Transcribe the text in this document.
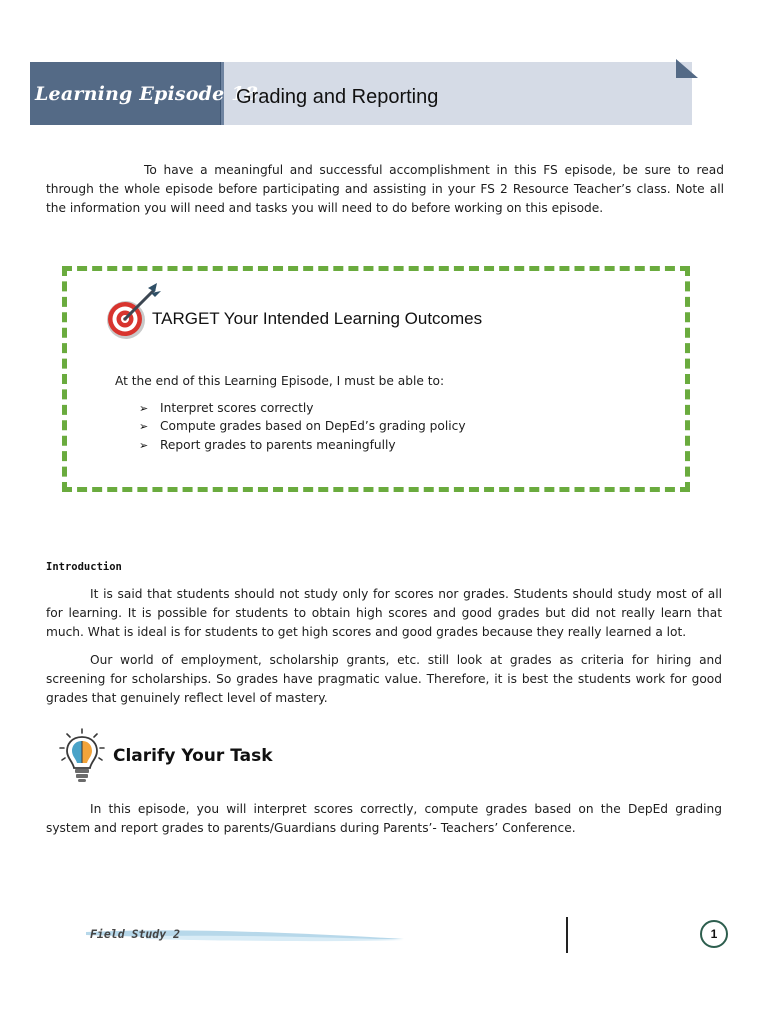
Learning Episode 18
Grading and Reporting
To have a meaningful and successful accomplishment in this FS episode, be sure to read through the whole episode before participating and assisting in your FS 2 Resource Teacher’s class. Note all the information you will need and tasks you will need to do before working on this episode.
TARGET Your Intended Learning Outcomes
At the end of this Learning Episode, I must be able to:
➢ Interpret scores correctly
➢ Compute grades based on DepEd’s grading policy
➢ Report grades to parents meaningfully
Introduction
It is said that students should not study only for scores nor grades. Students should study most of all for learning. It is possible for students to obtain high scores and good grades but did not really learn that much. What is ideal is for students to get high scores and good grades because they really learned a lot.
Our world of employment, scholarship grants, etc. still look at grades as criteria for hiring and screening for scholarships. So grades have pragmatic value. Therefore, it is best the students work for good grades that genuinely reflect level of mastery.
Clarify Your Task
In this episode, you will interpret scores correctly, compute grades based on the DepEd grading system and report grades to parents/Guardians during Parents’- Teachers’ Conference.
Field Study 2	1
